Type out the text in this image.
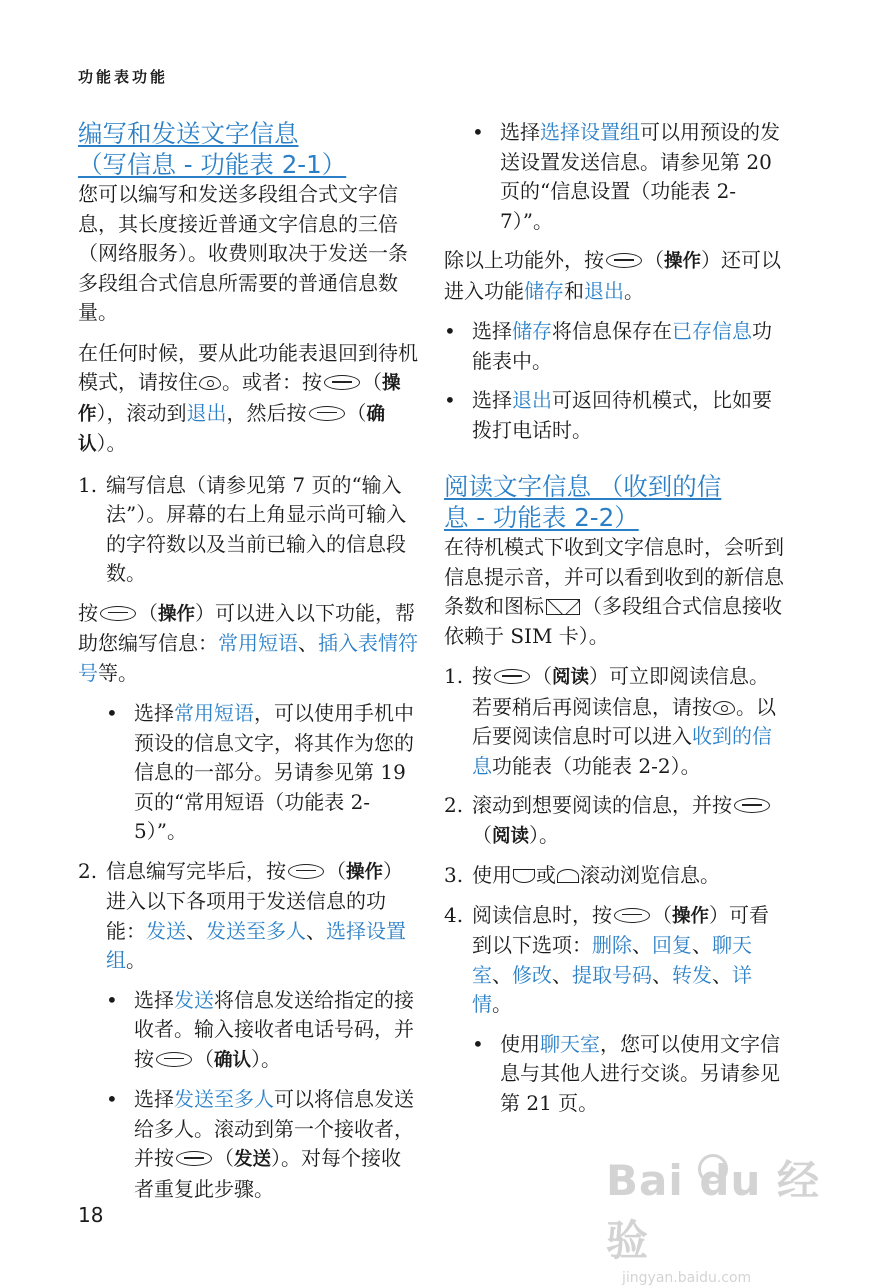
功能表功能

编写和发送文字信息
（写信息 - 功能表 2-1）

您可以编写和发送多段组合式文字信息，其长度接近普通文字信息的三倍（网络服务）。收费则取决于发送一条多段组合式信息所需要的普通信息数量。

在任何时候，要从此功能表退回到待机模式，请按住 。或者：按 （操作），滚动到退出，然后按 （确认）。

1. 编写信息（请参见第 7 页的“输入法”）。屏幕的右上角显示尚可输入的字符数以及当前已输入的信息段数。

按 （操作）可以进入以下功能，帮助您编写信息：常用短语、插入表情符号等。

• 选择常用短语，可以使用手机中预设的信息文字，将其作为您的信息的一部分。另请参见第 19 页的“常用短语（功能表 2-5）”。
2. 信息编写完毕后，按 （操作）进入以下各项用于发送信息的功能：发送、发送至多人、选择设置组。
• 选择发送将信息发送给指定的接收者。输入接收者电话号码，并按 （确认）。
• 选择发送至多人可以将信息发送给多人。滚动到第一个接收者，并按 （发送）。对每个接收者重复此步骤。
• 选择选择设置组可以用预设的发送设置发送信息。请参见第 20 页的“信息设置（功能表 2-7）”。

除以上功能外，按 （操作）还可以进入功能储存和退出。

• 选择储存将信息保存在已存信息功能表中。
• 选择退出可返回待机模式，比如要拨打电话时。

阅读文字信息 （收到的信
息 - 功能表 2-2）

在待机模式下收到文字信息时，会听到信息提示音，并可以看到收到的新信息条数和图标 （多段组合式信息接收依赖于 SIM 卡）。

1. 按 （阅读）可立即阅读信息。若要稍后再阅读信息，请按 。以后要阅读信息时可以进入收到的信息功能表（功能表 2-2）。
2. 滚动到想要阅读的信息，并按（阅读）。
3. 使用 或 滚动浏览信息。
4. 阅读信息时，按 （操作）可看到以下选项：删除、回复、聊天室、修改、提取号码、转发、详情。
• 使用聊天室，您可以使用文字信息与其他人进行交谈。另请参见第 21 页。
18
Bai du 经验
jingyan.baidu.com
